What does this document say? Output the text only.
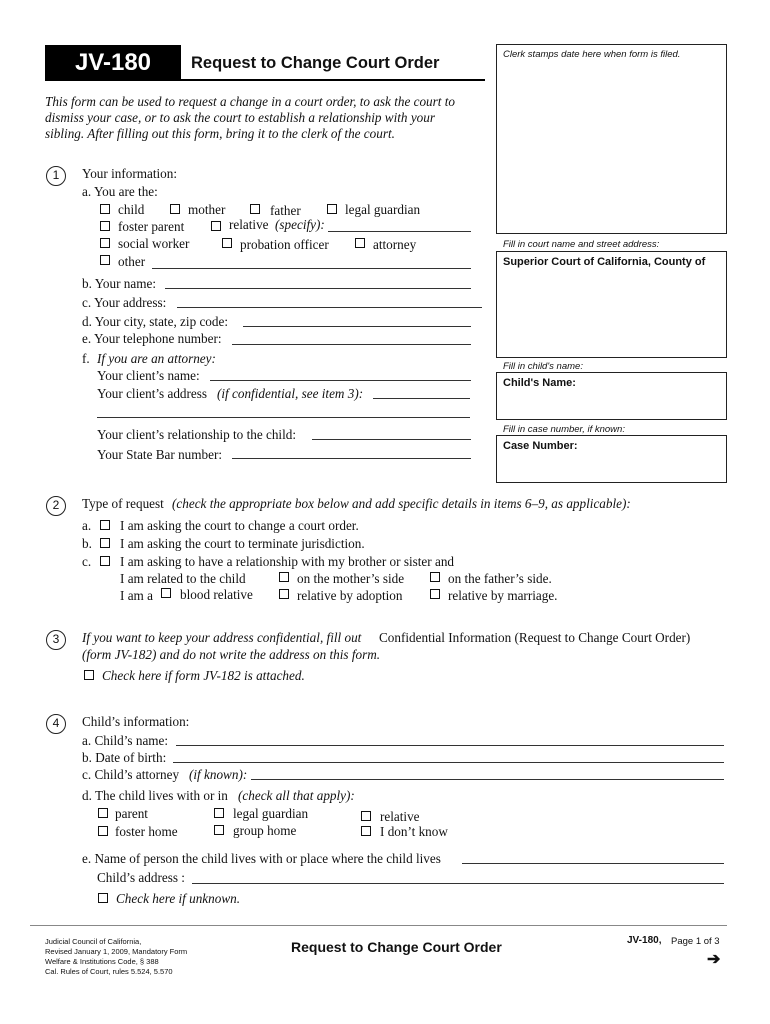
JV-180	Request to Change Court Order
This form can be used to request a change in a court order, to ask the court to
dismiss your case, or to ask the court to establish a relationship with your
sibling. After filling out this form, bring it to the clerk of the court.
Clerk stamps date here when form is filed.
Fill in court name and street address:
Superior Court of California, County of
Fill in child's name:
Child's Name:
Fill in case number, if known:
Case Number:
1	Your information:
a. You are the:
child	mother	father	legal guardian
foster parent	relative (specify):
social worker	probation officer	attorney
other
b. Your name:
c. Your address:
d. Your city, state, zip code:
e. Your telephone number:
f. If you are an attorney:
Your client’s name:
Your client’s address (if confidential, see item 3):
Your client’s relationship to the child:
Your State Bar number:
2	Type of request (check the appropriate box below and add specific details in items 6–9, as applicable):
a. I am asking the court to change a court order.
b. I am asking the court to terminate jurisdiction.
c. I am asking to have a relationship with my brother or sister and
I am related to the child	on the mother’s side	on the father’s side.
I am a blood relative	relative by adoption	relative by marriage.
3	If you want to keep your address confidential, fill out Confidential Information (Request to Change Court Order)
(form JV-182) and do not write the address on this form.
Check here if form JV-182 is attached.
4	Child’s information:
a. Child’s name:
b. Date of birth:
c. Child’s attorney (if known):
d. The child lives with or in (check all that apply):
parent	legal guardian	relative
foster home	group home	I don’t know
e. Name of person the child lives with or place where the child lives
Child’s address :
Check here if unknown.
Judicial Council of California,
Revised January 1, 2009, Mandatory Form
Welfare & Institutions Code, § 388
Cal. Rules of Court, rules 5.524, 5.570
Request to Change Court Order	JV-180, Page 1 of 3
➔
